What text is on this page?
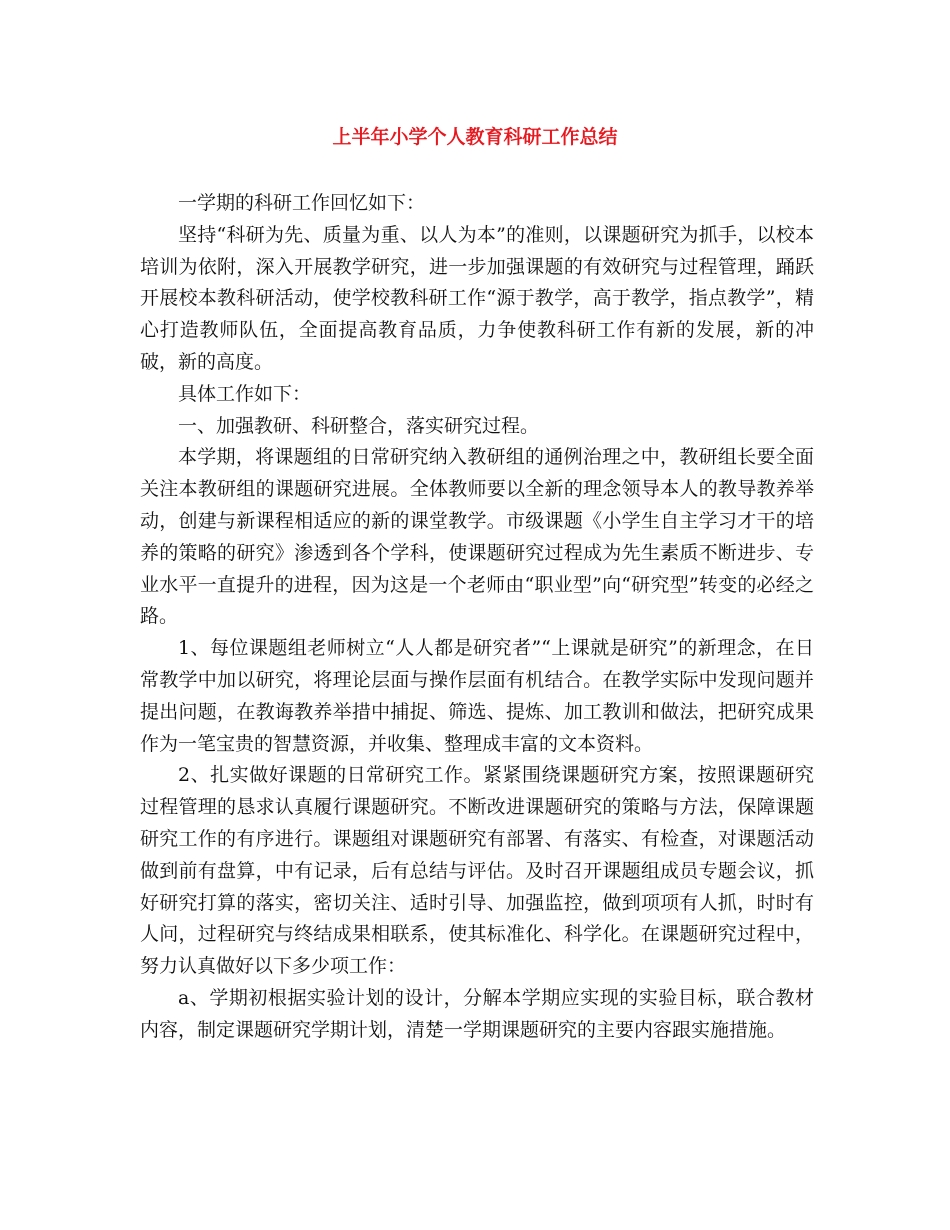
上半年小学个人教育科研工作总结

一学期的科研工作回忆如下：

坚持“科研为先、质量为重、以人为本”的准则，以课题研究为抓手，以校本培训为依附，深入开展教学研究，进一步加强课题的有效研究与过程管理，踊跃开展校本教科研活动，使学校教科研工作“源于教学，高于教学，指点教学”，精心打造教师队伍，全面提高教育品质，力争使教科研工作有新的发展，新的冲破，新的高度。

具体工作如下：

一、加强教研、科研整合，落实研究过程。

本学期，将课题组的日常研究纳入教研组的通例治理之中，教研组长要全面关注本教研组的课题研究进展。全体教师要以全新的理念领导本人的教导教养举动，创建与新课程相适应的新的课堂教学。市级课题《小学生自主学习才干的培养的策略的研究》渗透到各个学科，使课题研究过程成为先生素质不断进步、专业水平一直提升的进程，因为这是一个老师由“职业型”向“研究型”转变的必经之路。

1、每位课题组老师树立“人人都是研究者”“上课就是研究”的新理念，在日常教学中加以研究，将理论层面与操作层面有机结合。在教学实际中发现问题并提出问题，在教诲教养举措中捕捉、筛选、提炼、加工教训和做法，把研究成果作为一笔宝贵的智慧资源，并收集、整理成丰富的文本资料。

2、扎实做好课题的日常研究工作。紧紧围绕课题研究方案，按照课题研究过程管理的恳求认真履行课题研究。不断改进课题研究的策略与方法，保障课题研究工作的有序进行。课题组对课题研究有部署、有落实、有检查，对课题活动做到前有盘算，中有记录，后有总结与评估。及时召开课题组成员专题会议，抓好研究打算的落实，密切关注、适时引导、加强监控，做到项项有人抓，时时有人问，过程研究与终结成果相联系，使其标准化、科学化。在课题研究过程中，努力认真做好以下多少项工作：

a、学期初根据实验计划的设计，分解本学期应实现的实验目标，联合教材内容，制定课题研究学期计划，清楚一学期课题研究的主要内容跟实施措施。
